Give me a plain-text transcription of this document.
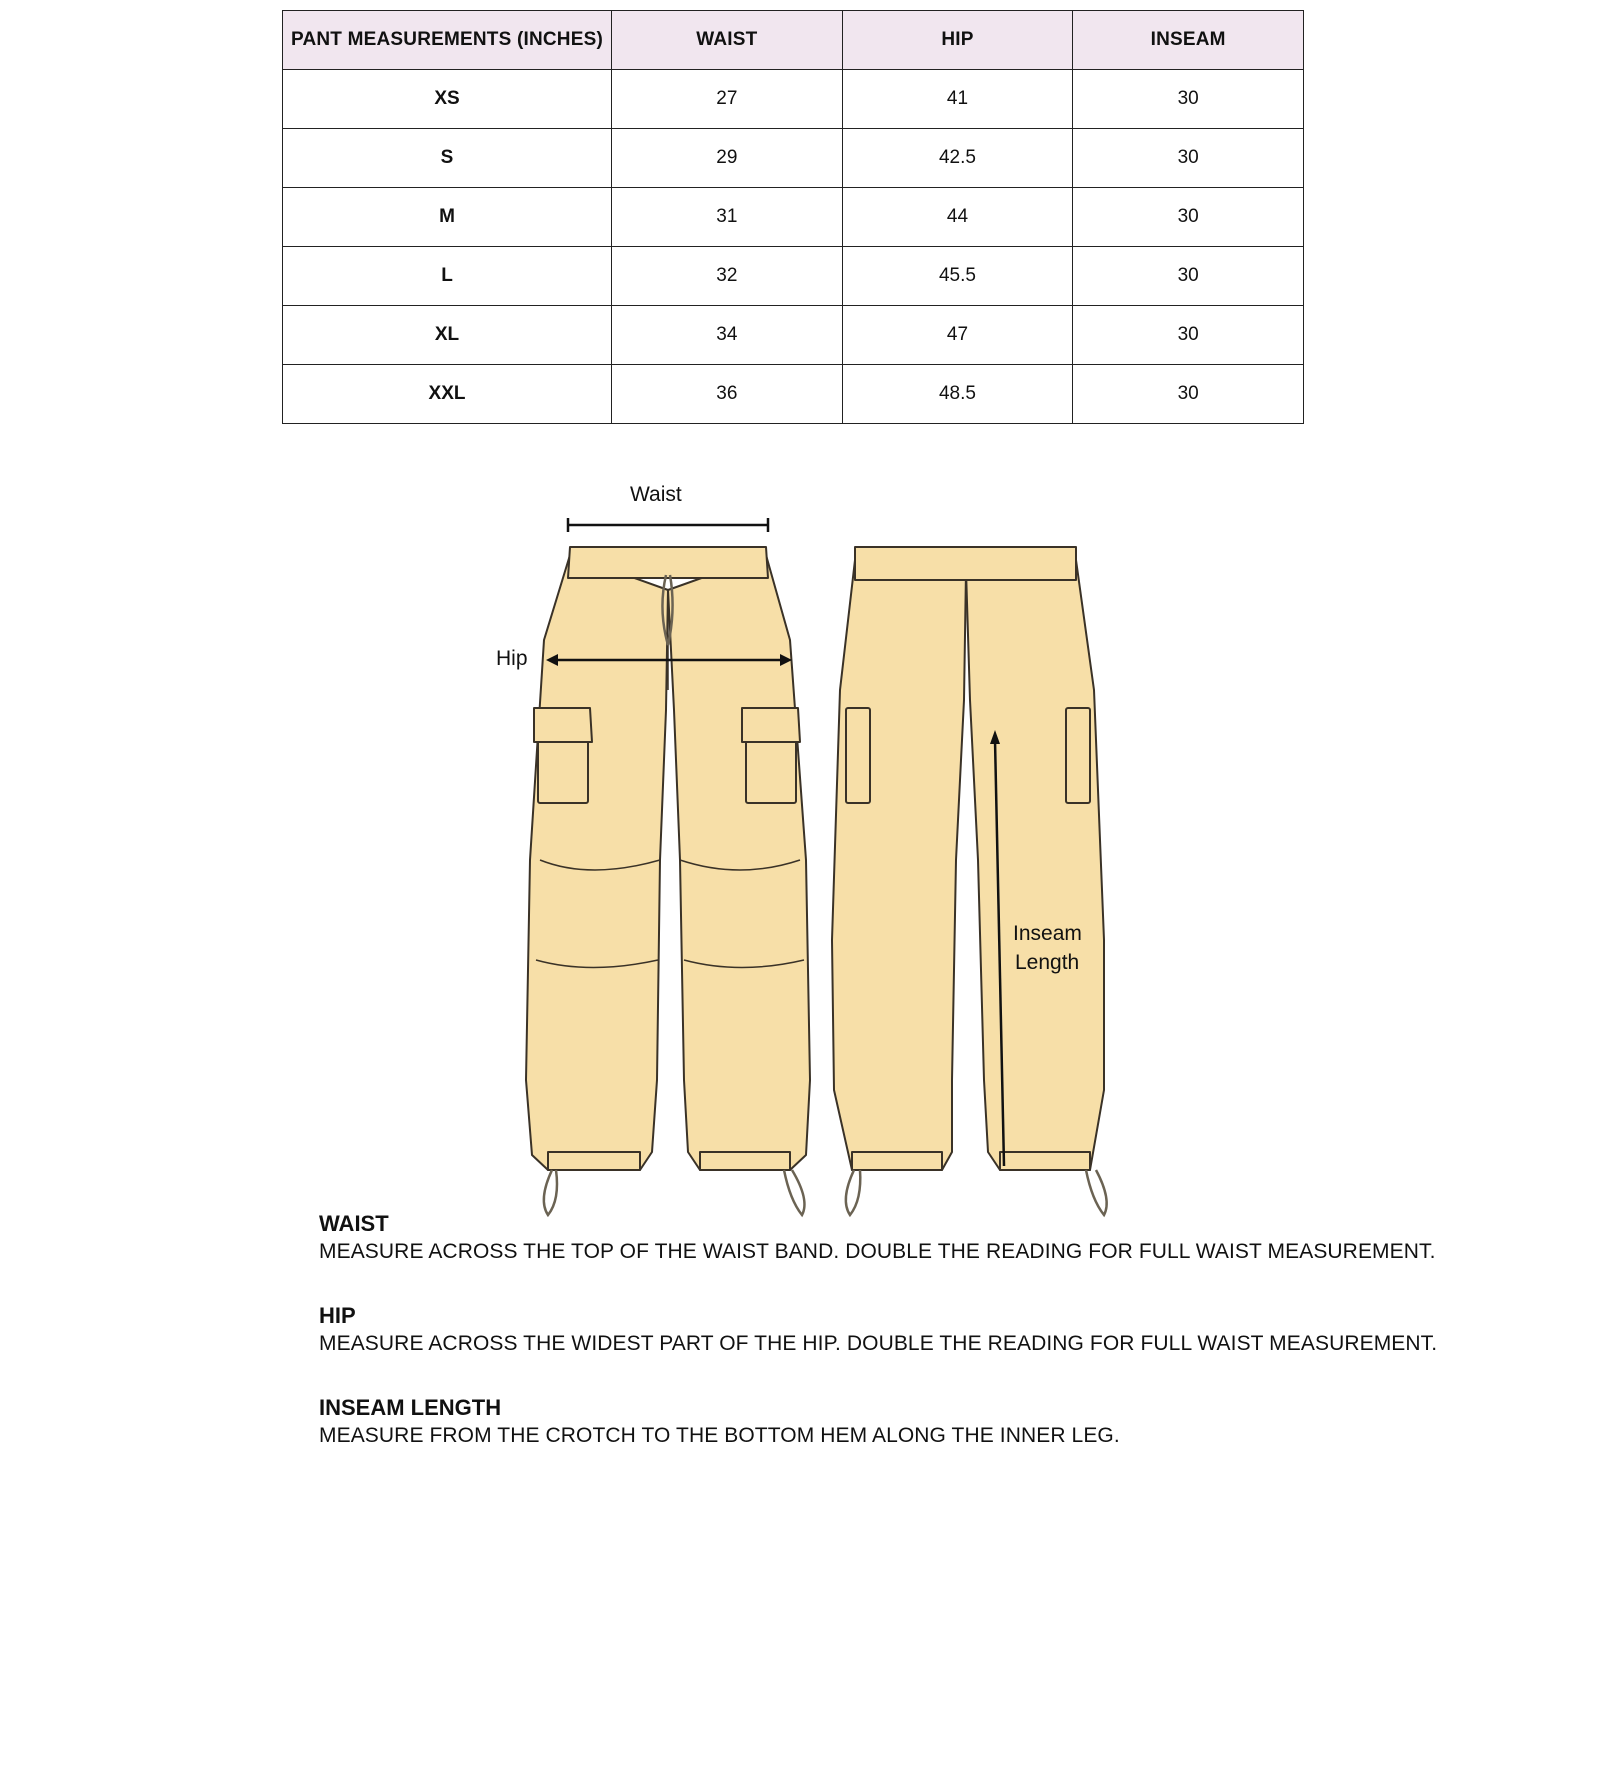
PANT MEASUREMENTS (INCHES)	WAIST	HIP	INSEAM
XS	27	41	30
S	29	42.5	30
M	31	44	30
L	32	45.5	30
XL	34	47	30
XXL	36	48.5	30
Waist
Hip
Inseam
Length
WAIST
MEASURE ACROSS THE TOP OF THE WAIST BAND. DOUBLE THE READING FOR FULL WAIST MEASUREMENT.
HIP
MEASURE ACROSS THE WIDEST PART OF THE HIP. DOUBLE THE READING FOR FULL WAIST MEASUREMENT.
INSEAM LENGTH
MEASURE FROM THE CROTCH TO THE BOTTOM HEM ALONG THE INNER LEG.
